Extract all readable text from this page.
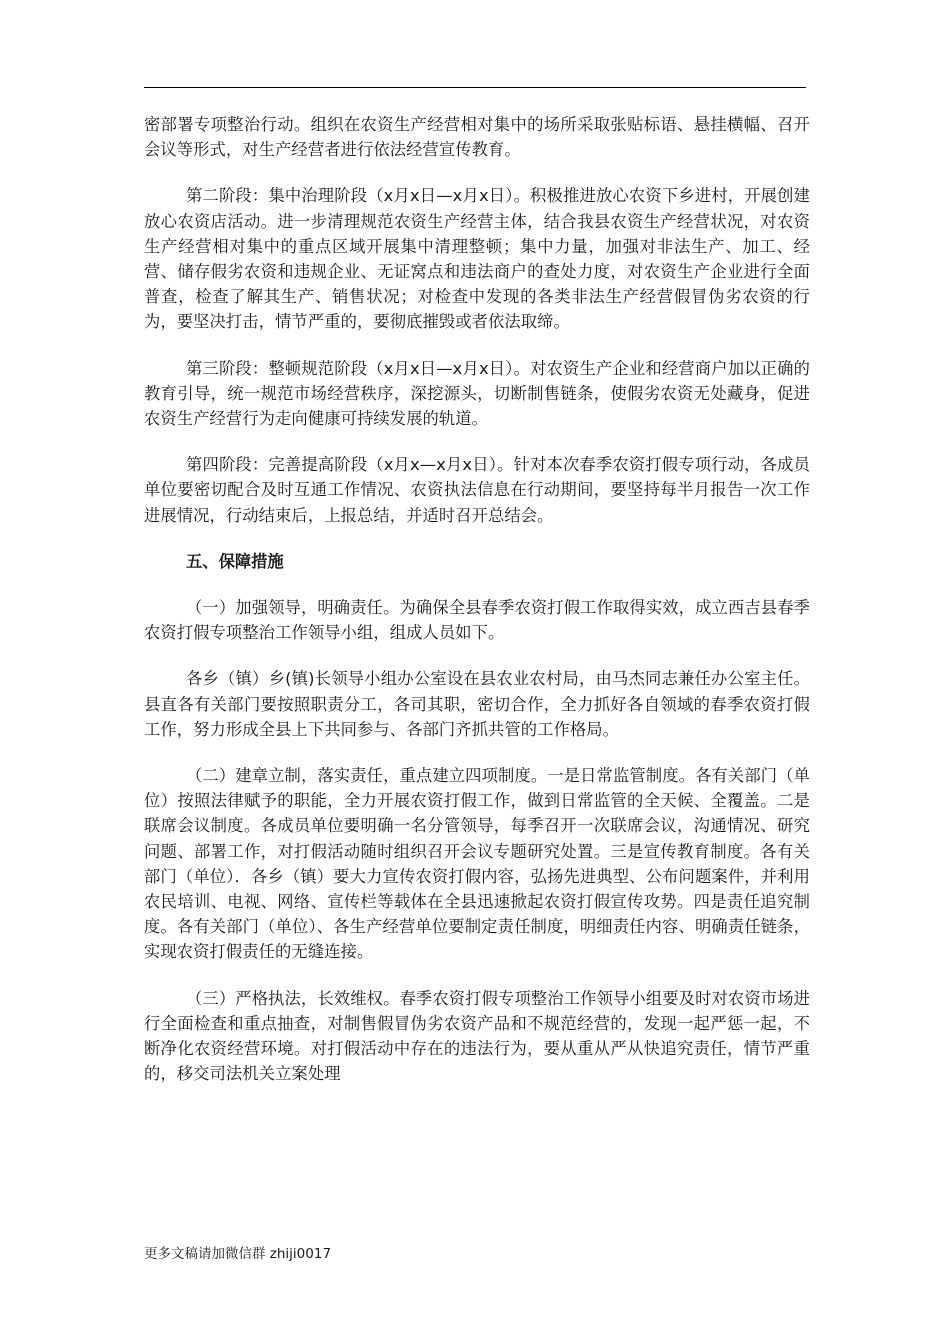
密部署专项整治行动。组织在农资生产经营相对集中的场所采取张贴标语、悬挂横幅、召开会议等形式，对生产经营者进行依法经营宣传教育。

第二阶段：集中治理阶段（x月x日—x月x日）。积极推进放心农资下乡进村，开展创建放心农资店活动。进一步清理规范农资生产经营主体，结合我县农资生产经营状况，对农资生产经营相对集中的重点区域开展集中清理整顿；集中力量，加强对非法生产、加工、经营、储存假劣农资和违规企业、无证窝点和违法商户的查处力度，对农资生产企业进行全面普查，检查了解其生产、销售状况；对检查中发现的各类非法生产经营假冒伪劣农资的行为，要坚决打击，情节严重的，要彻底摧毁或者依法取缔。

第三阶段：整顿规范阶段（x月x日—x月x日）。对农资生产企业和经营商户加以正确的教育引导，统一规范市场经营秩序，深挖源头，切断制售链条，使假劣农资无处藏身，促进农资生产经营行为走向健康可持续发展的轨道。

第四阶段：完善提高阶段（x月x—x月x日）。针对本次春季农资打假专项行动，各成员单位要密切配合及时互通工作情况、农资执法信息在行动期间，要坚持每半月报告一次工作进展情况，行动结束后，上报总结，并适时召开总结会。

五、保障措施

（一）加强领导，明确责任。为确保全县春季农资打假工作取得实效，成立西吉县春季农资打假专项整治工作领导小组，组成人员如下。

各乡（镇）乡(镇)长领导小组办公室设在县农业农村局，由马杰同志兼任办公室主任。县直各有关部门要按照职责分工，各司其职，密切合作，全力抓好各自领域的春季农资打假工作，努力形成全县上下共同参与、各部门齐抓共管的工作格局。

（二）建章立制，落实责任，重点建立四项制度。一是日常监管制度。各有关部门（单位）按照法律赋予的职能，全力开展农资打假工作，做到日常监管的全天候、全覆盖。二是联席会议制度。各成员单位要明确一名分管领导，每季召开一次联席会议，沟通情况、研究问题、部署工作，对打假活动随时组织召开会议专题研究处置。三是宣传教育制度。各有关部门（单位）．各乡（镇）要大力宣传农资打假内容，弘扬先进典型、公布问题案件，并利用农民培训、电视、网络、宣传栏等载体在全县迅速掀起农资打假宣传攻势。四是责任追究制度。各有关部门（单位）、各生产经营单位要制定责任制度，明细责任内容、明确责任链条，实现农资打假责任的无缝连接。

（三）严格执法，长效维权。春季农资打假专项整治工作领导小组要及时对农资市场进行全面检查和重点抽查，对制售假冒伪劣农资产品和不规范经营的，发现一起严惩一起，不断净化农资经营环境。对打假活动中存在的违法行为，要从重从严从快追究责任，情节严重的，移交司法机关立案处理

更多文稿请加微信群 zhiji0017
